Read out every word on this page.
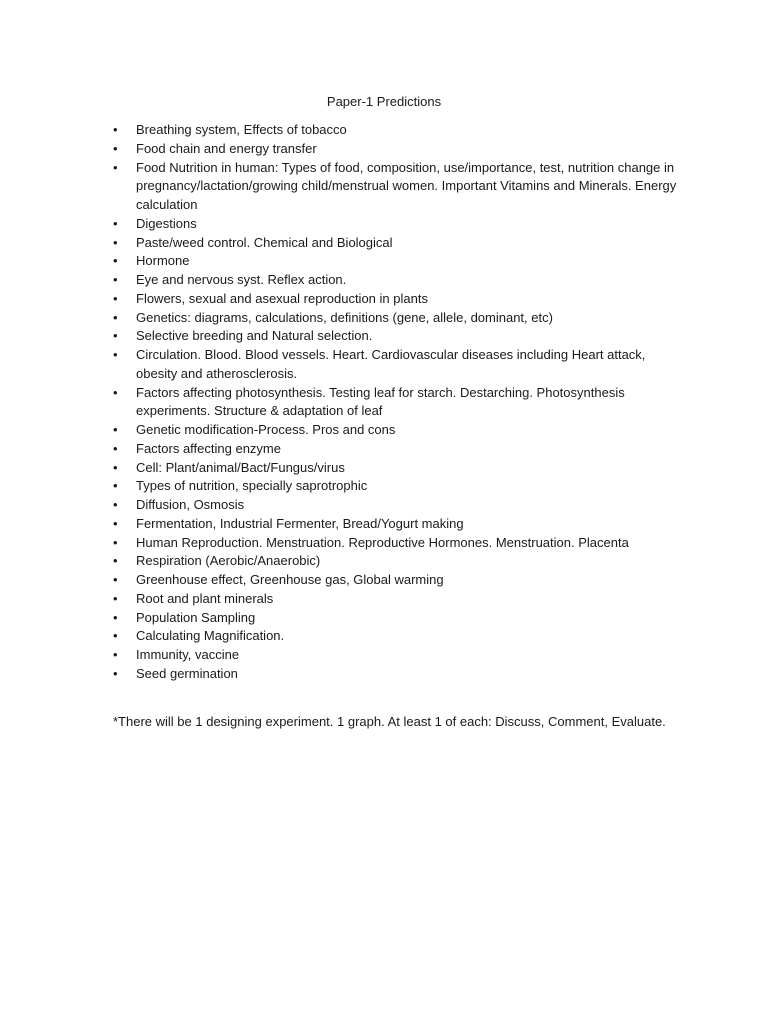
Paper-1 Predictions
• Breathing system, Effects of tobacco
• Food chain and energy transfer
• Food Nutrition in human: Types of food, composition, use/importance, test, nutrition change in pregnancy/lactation/growing child/menstrual women. Important Vitamins and Minerals. Energy calculation
• Digestions
• Paste/weed control. Chemical and Biological
• Hormone
• Eye and nervous syst. Reflex action.
• Flowers, sexual and asexual reproduction in plants
• Genetics: diagrams, calculations, definitions (gene, allele, dominant, etc)
• Selective breeding and Natural selection.
• Circulation. Blood. Blood vessels. Heart. Cardiovascular diseases including Heart attack, obesity and atherosclerosis.
• Factors affecting photosynthesis. Testing leaf for starch. Destarching. Photosynthesis experiments. Structure & adaptation of leaf
• Genetic modification-Process. Pros and cons
• Factors affecting enzyme
• Cell: Plant/animal/Bact/Fungus/virus
• Types of nutrition, specially saprotrophic
• Diffusion, Osmosis
• Fermentation, Industrial Fermenter, Bread/Yogurt making
• Human Reproduction. Menstruation. Reproductive Hormones. Menstruation. Placenta
• Respiration (Aerobic/Anaerobic)
• Greenhouse effect, Greenhouse gas, Global warming
• Root and plant minerals
• Population Sampling
• Calculating Magnification.
• Immunity, vaccine
• Seed germination
*There will be 1 designing experiment. 1 graph. At least 1 of each: Discuss, Comment, Evaluate.
